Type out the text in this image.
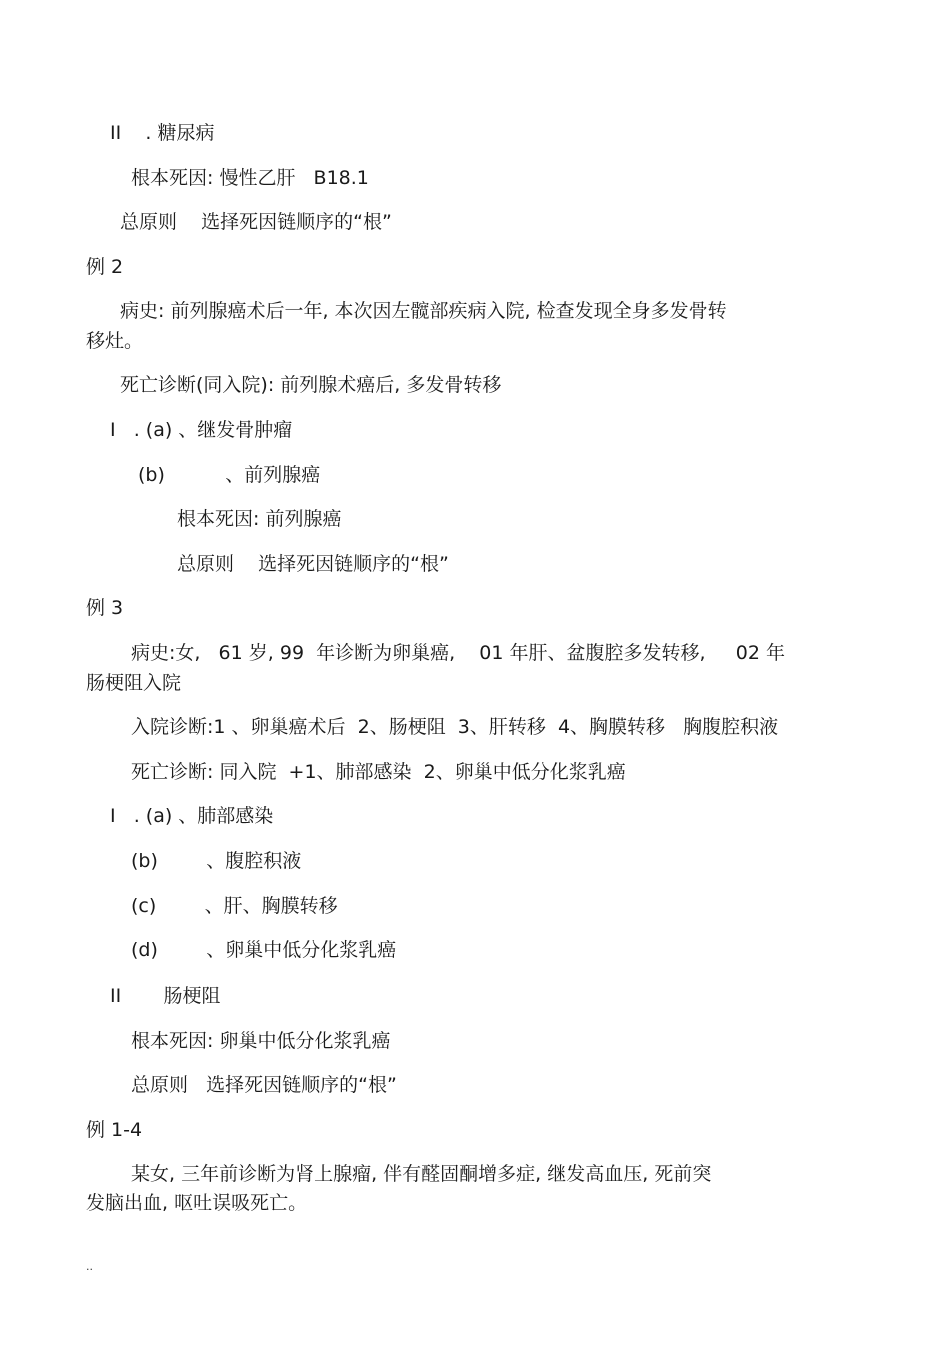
II    . 糖尿病
根本死因: 慢性乙肝   B18.1
总原则    选择死因链顺序的“根”
例 2
病史: 前列腺癌术后一年, 本次因左髋部疾病入院, 检查发现全身多发骨转
移灶。
死亡诊断(同入院): 前列腺术癌后, 多发骨转移
I   . (a) 、继发骨肿瘤
(b)          、前列腺癌
根本死因: 前列腺癌
总原则    选择死因链顺序的“根”
例 3
病史:女,   61 岁, 99  年诊断为卵巢癌,    01 年肝、盆腹腔多发转移,     02 年
肠梗阻入院
入院诊断:1 、卵巢癌术后  2、肠梗阻  3、肝转移  4、胸膜转移   胸腹腔积液
死亡诊断: 同入院  +1、肺部感染  2、卵巢中低分化浆乳癌
I   . (a) 、肺部感染
(b)        、腹腔积液
(c)        、肝、胸膜转移
(d)        、卵巢中低分化浆乳癌
II       肠梗阻
根本死因: 卵巢中低分化浆乳癌
总原则   选择死因链顺序的“根”
例 1-4
某女, 三年前诊断为肾上腺瘤, 伴有醛固酮增多症, 继发高血压, 死前突
发脑出血, 呕吐误吸死亡。
..
